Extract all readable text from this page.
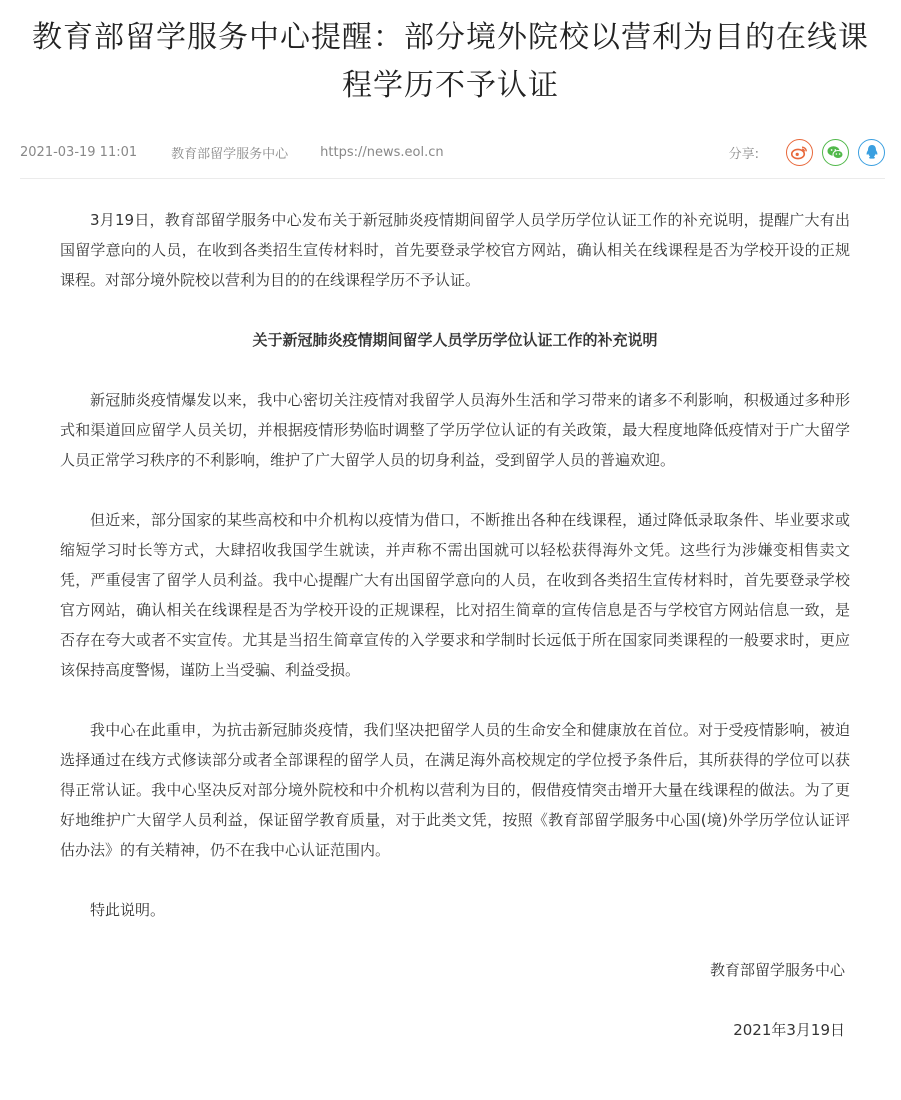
教育部留学服务中心提醒：部分境外院校以营利为目的在线课程学历不予认证
2021-03-19 11:01	教育部留学服务中心 https://news.eol.cn	分享:

3月19日，教育部留学服务中心发布关于新冠肺炎疫情期间留学人员学历学位认证工作的补充说明，提醒广大有出国留学意向的人员，在收到各类招生宣传材料时，首先要登录学校官方网站，确认相关在线课程是否为学校开设的正规课程。对部分境外院校以营利为目的的在线课程学历不予认证。

关于新冠肺炎疫情期间留学人员学历学位认证工作的补充说明

新冠肺炎疫情爆发以来，我中心密切关注疫情对我留学人员海外生活和学习带来的诸多不利影响，积极通过多种形式和渠道回应留学人员关切，并根据疫情形势临时调整了学历学位认证的有关政策，最大程度地降低疫情对于广大留学人员正常学习秩序的不利影响，维护了广大留学人员的切身利益，受到留学人员的普遍欢迎。

但近来，部分国家的某些高校和中介机构以疫情为借口，不断推出各种在线课程，通过降低录取条件、毕业要求或缩短学习时长等方式，大肆招收我国学生就读，并声称不需出国就可以轻松获得海外文凭。这些行为涉嫌变相售卖文凭，严重侵害了留学人员利益。我中心提醒广大有出国留学意向的人员，在收到各类招生宣传材料时，首先要登录学校官方网站，确认相关在线课程是否为学校开设的正规课程，比对招生简章的宣传信息是否与学校官方网站信息一致，是否存在夸大或者不实宣传。尤其是当招生简章宣传的入学要求和学制时长远低于所在国家同类课程的一般要求时，更应该保持高度警惕，谨防上当受骗、利益受损。

我中心在此重申，为抗击新冠肺炎疫情，我们坚决把留学人员的生命安全和健康放在首位。对于受疫情影响，被迫选择通过在线方式修读部分或者全部课程的留学人员，在满足海外高校规定的学位授予条件后，其所获得的学位可以获得正常认证。我中心坚决反对部分境外院校和中介机构以营利为目的，假借疫情突击增开大量在线课程的做法。为了更好地维护广大留学人员利益，保证留学教育质量，对于此类文凭，按照《教育部留学服务中心国(境)外学历学位认证评估办法》的有关精神，仍不在我中心认证范围内。

特此说明。

教育部留学服务中心

2021年3月19日
